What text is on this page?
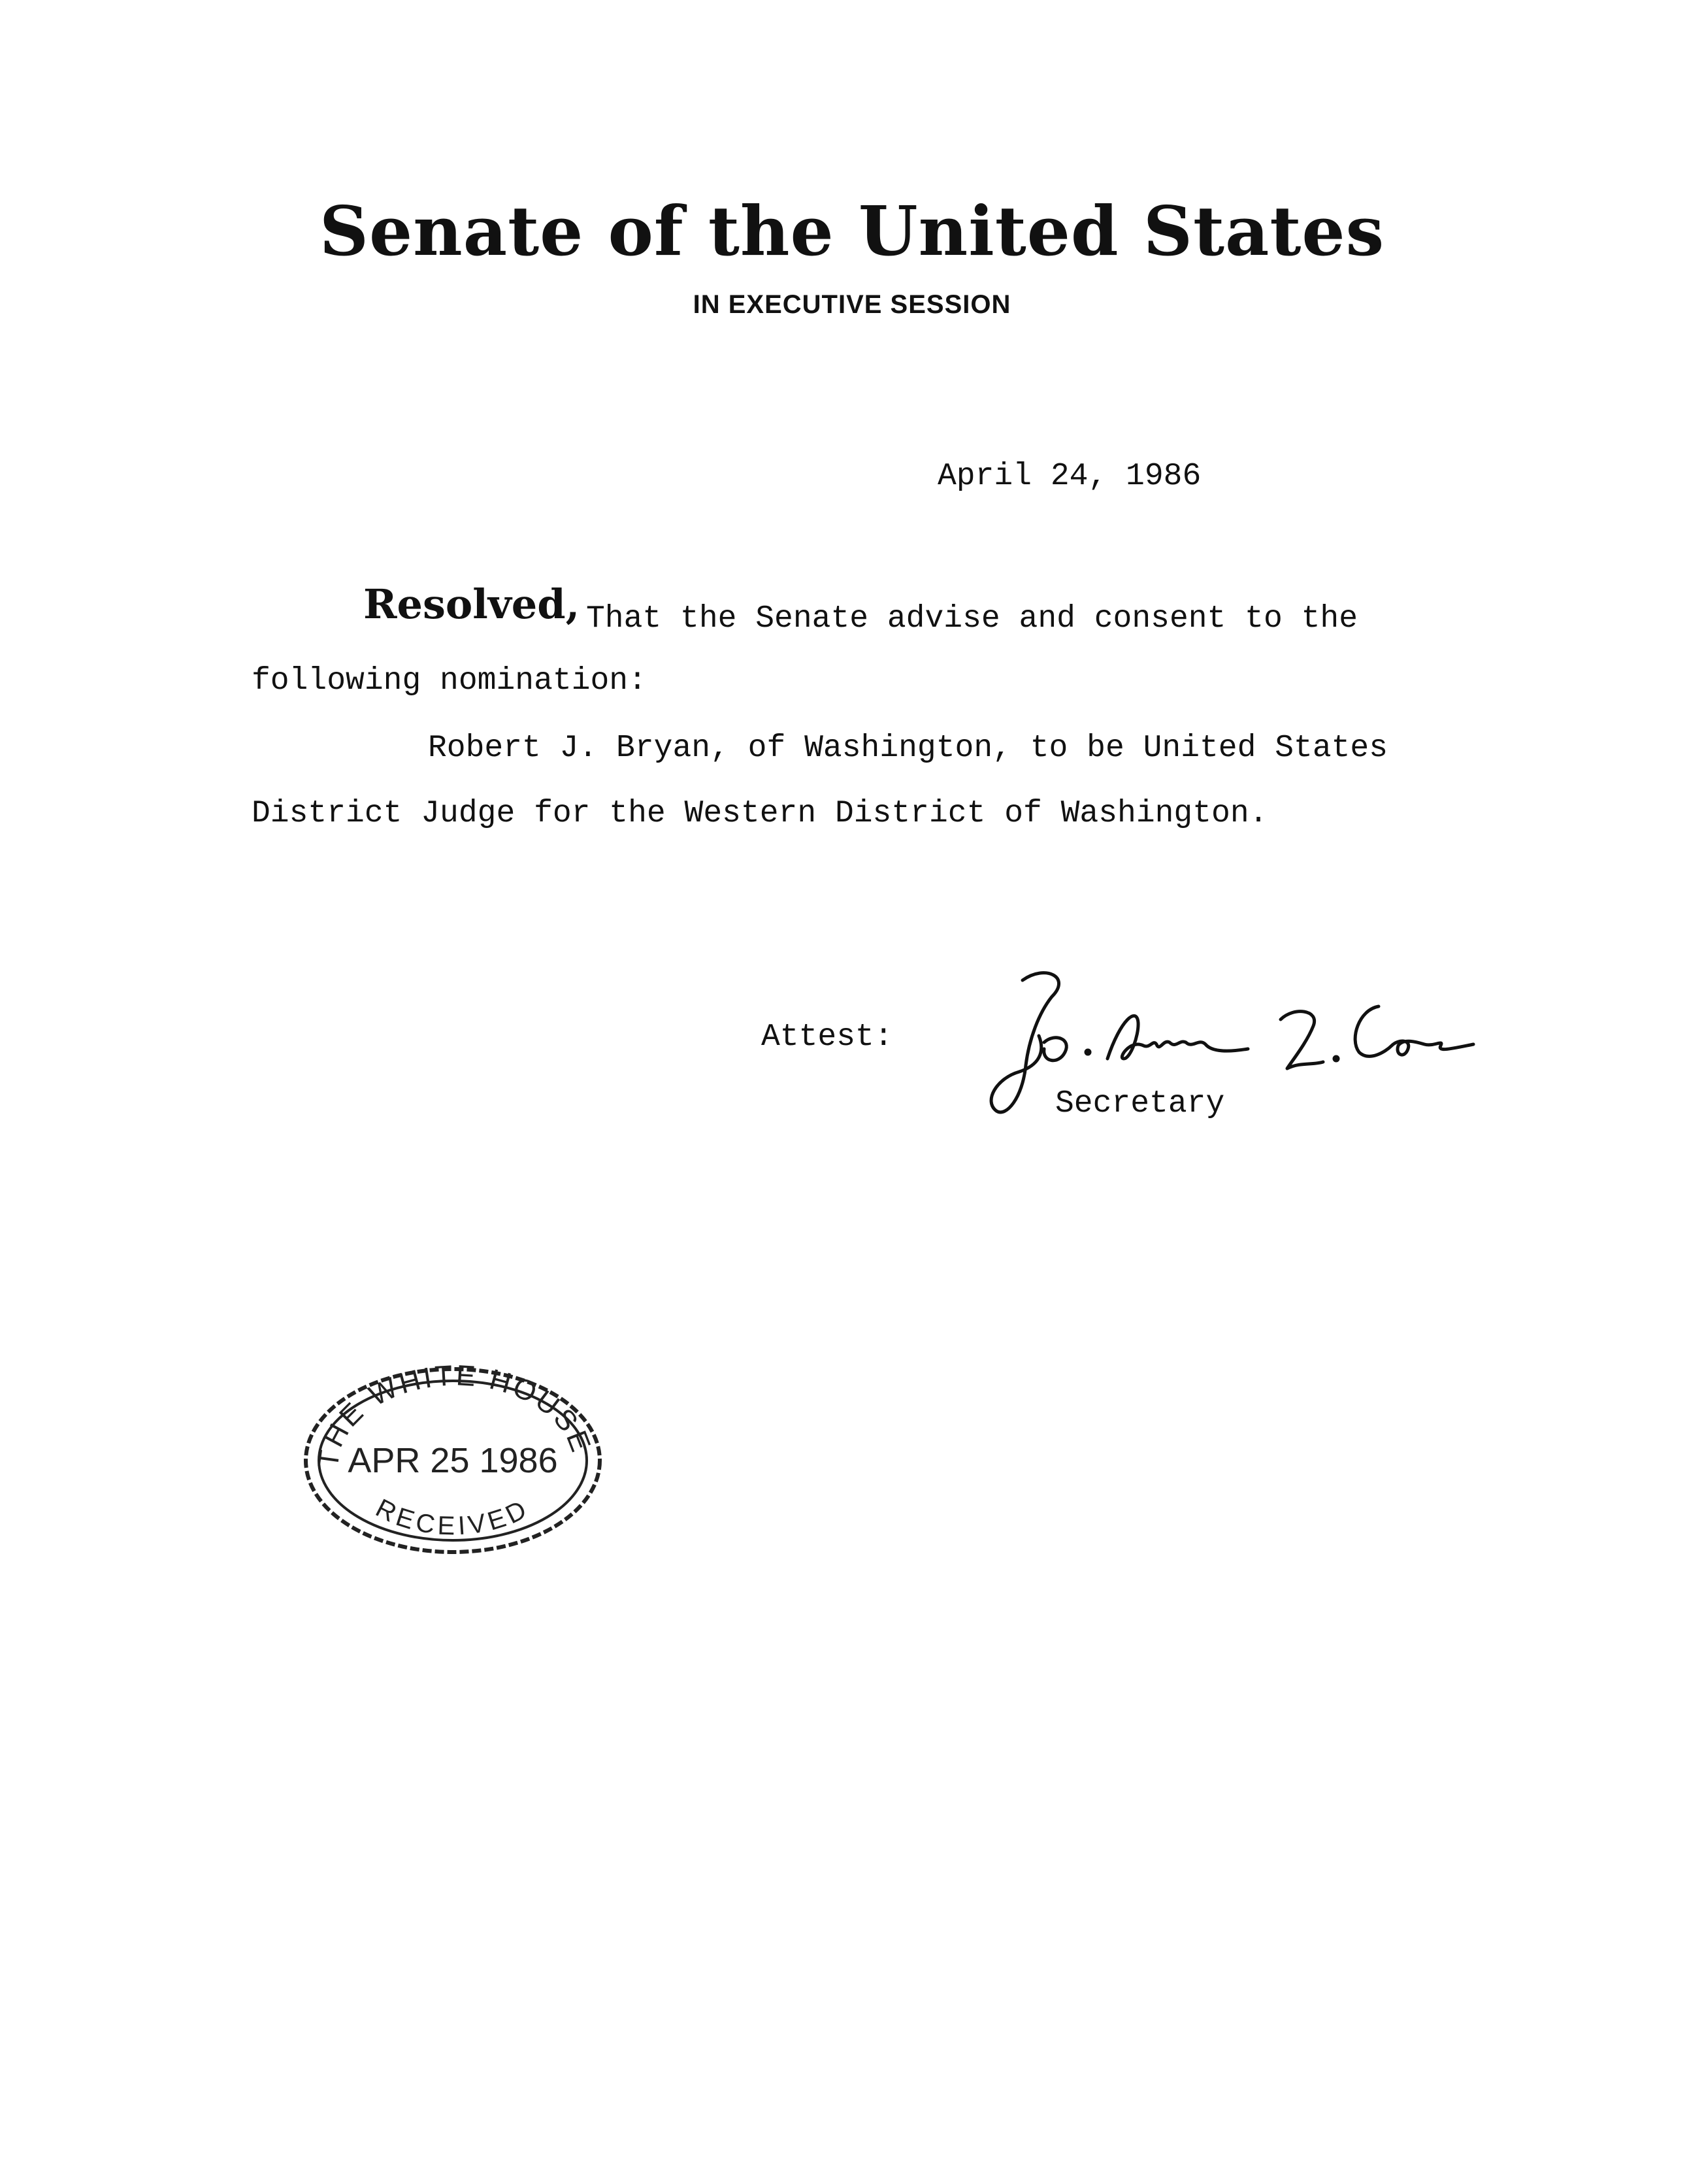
Senate of the United States
IN EXECUTIVE SESSION
April 24, 1986
Resolved, That the Senate advise and consent to the
following nomination:
Robert J. Bryan, of Washington, to be United States
District Judge for the Western District of Washington.
Attest:
Secretary
THE WHITE HOUSE
APR 25 1986
RECEIVED
